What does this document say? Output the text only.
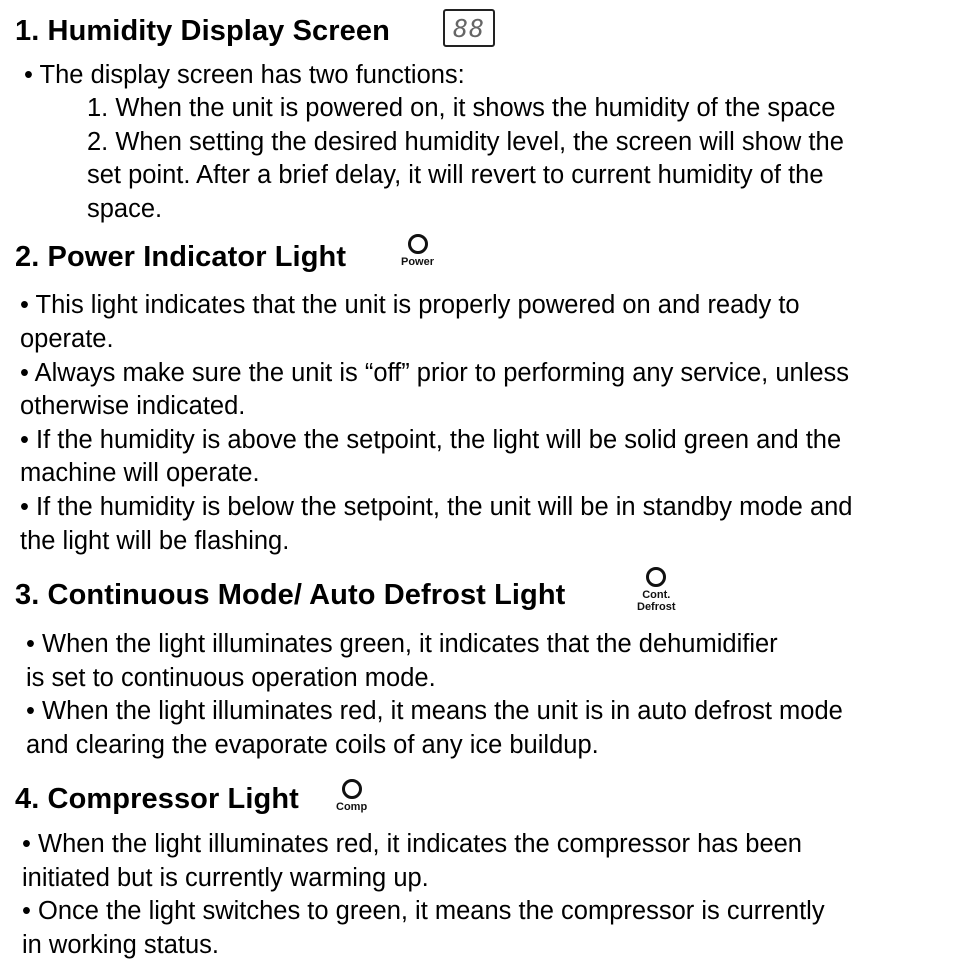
1. Humidity Display Screen	88
• The display screen has two functions:
1. When the unit is powered on, it shows the humidity of the space
2. When setting the desired humidity level, the screen will show the
set point. After a brief delay, it will revert to current humidity of the
space.
2. Power Indicator Light	Power
• This light indicates that the unit is properly powered on and ready to
operate.
• Always make sure the unit is “off” prior to performing any service, unless
otherwise indicated.
• If the humidity is above the setpoint, the light will be solid green and the
machine will operate.
• If the humidity is below the setpoint, the unit will be in standby mode and
the light will be flashing.
3. Continuous Mode/ Auto Defrost Light	Cont.
Defrost
• When the light illuminates green, it indicates that the dehumidifier
is set to continuous operation mode.
• When the light illuminates red, it means the unit is in auto defrost mode
and clearing the evaporate coils of any ice buildup.
4. Compressor Light	Comp
• When the light illuminates red, it indicates the compressor has been
initiated but is currently warming up.
• Once the light switches to green, it means the compressor is currently
in working status.
